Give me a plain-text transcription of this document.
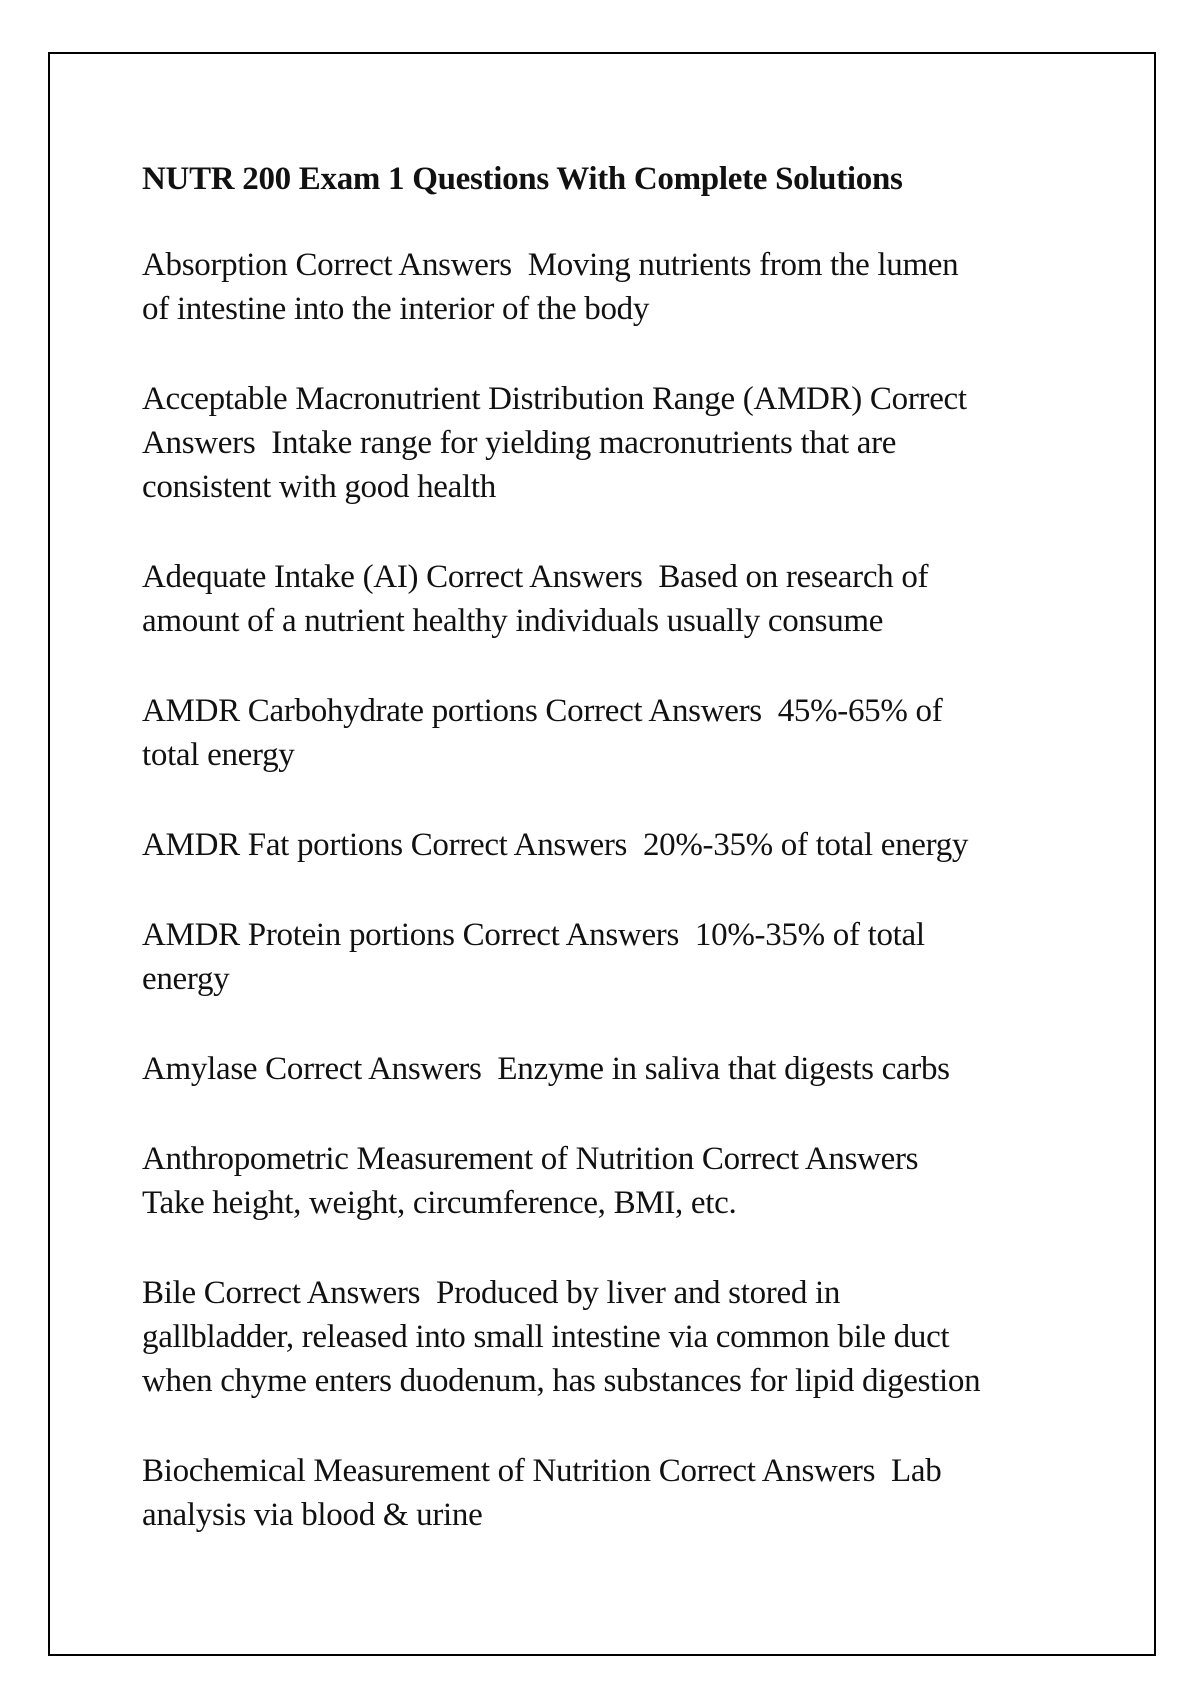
NUTR 200 Exam 1 Questions With Complete Solutions
Absorption Correct Answers  Moving nutrients from the lumen
of intestine into the interior of the body
Acceptable Macronutrient Distribution Range (AMDR) Correct
Answers  Intake range for yielding macronutrients that are
consistent with good health
Adequate Intake (AI) Correct Answers  Based on research of
amount of a nutrient healthy individuals usually consume
AMDR Carbohydrate portions Correct Answers  45%-65% of
total energy
AMDR Fat portions Correct Answers  20%-35% of total energy
AMDR Protein portions Correct Answers  10%-35% of total
energy
Amylase Correct Answers  Enzyme in saliva that digests carbs
Anthropometric Measurement of Nutrition Correct Answers
Take height, weight, circumference, BMI, etc.
Bile Correct Answers  Produced by liver and stored in
gallbladder, released into small intestine via common bile duct
when chyme enters duodenum, has substances for lipid digestion
Biochemical Measurement of Nutrition Correct Answers  Lab
analysis via blood & urine
